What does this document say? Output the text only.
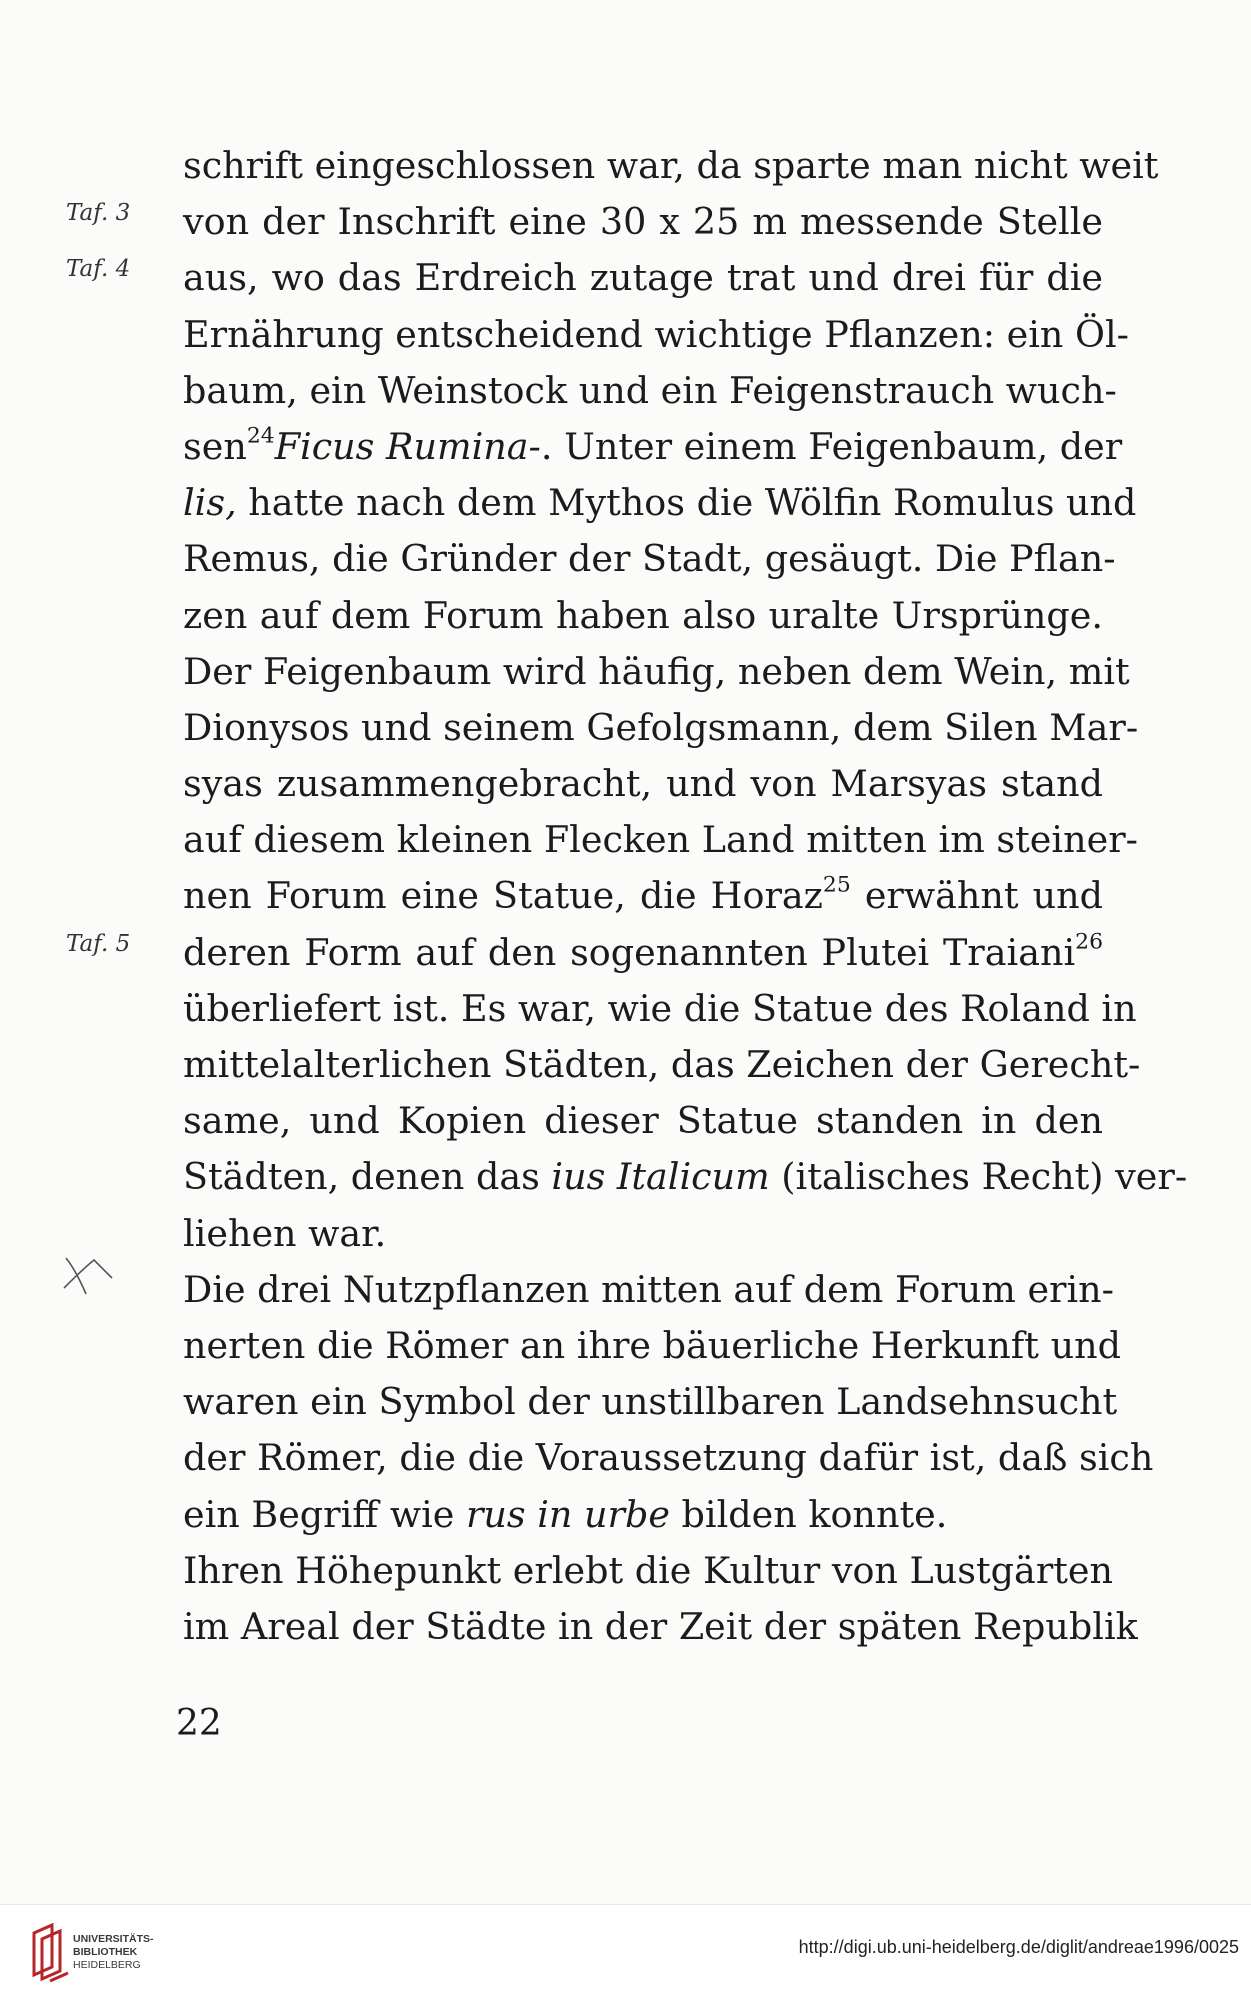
schrift eingeschlossen war, da sparte man nicht weit
von der Inschrift eine 30 x 25 m messende Stelle
aus, wo das Erdreich zutage trat und drei für die
Ernährung entscheidend wichtige Pflanzen: ein Öl-
baum, ein Weinstock und ein Feigenstrauch wuch-
sen$^{24}$Ficus Rumina-. Unter einem Feigenbaum, der
lis, hatte nach dem Mythos die Wölfin Romulus und
Remus, die Gründer der Stadt, gesäugt. Die Pflan-
zen auf dem Forum haben also uralte Ursprünge.
Der Feigenbaum wird häufig, neben dem Wein, mit
Dionysos und seinem Gefolgsmann, dem Silen Mar-
syas zusammengebracht, und von Marsyas stand
auf diesem kleinen Flecken Land mitten im steiner-
nen Forum eine Statue, die Horaz$^{25}$ erwähnt und
deren Form auf den sogenannten Plutei Traiani$^{26}$
überliefert ist. Es war, wie die Statue des Roland in
mittelalterlichen Städten, das Zeichen der Gerecht-
same, und Kopien dieser Statue standen in den
Städten, denen das ius Italicum (italisches Recht) ver-
liehen war.
Die drei Nutzpflanzen mitten auf dem Forum erin-
nerten die Römer an ihre bäuerliche Herkunft und
waren ein Symbol der unstillbaren Landsehnsucht
der Römer, die die Voraussetzung dafür ist, daß sich
ein Begriff wie rus in urbe bilden konnte.
Ihren Höhepunkt erlebt die Kultur von Lustgärten
im Areal der Städte in der Zeit der späten Republik
Taf. 3
Taf. 4
Taf. 5
22
UNIVERSITÄTS-
BIBLIOTHEK
HEIDELBERG
http://digi.ub.uni-heidelberg.de/diglit/andreae1996/0025
